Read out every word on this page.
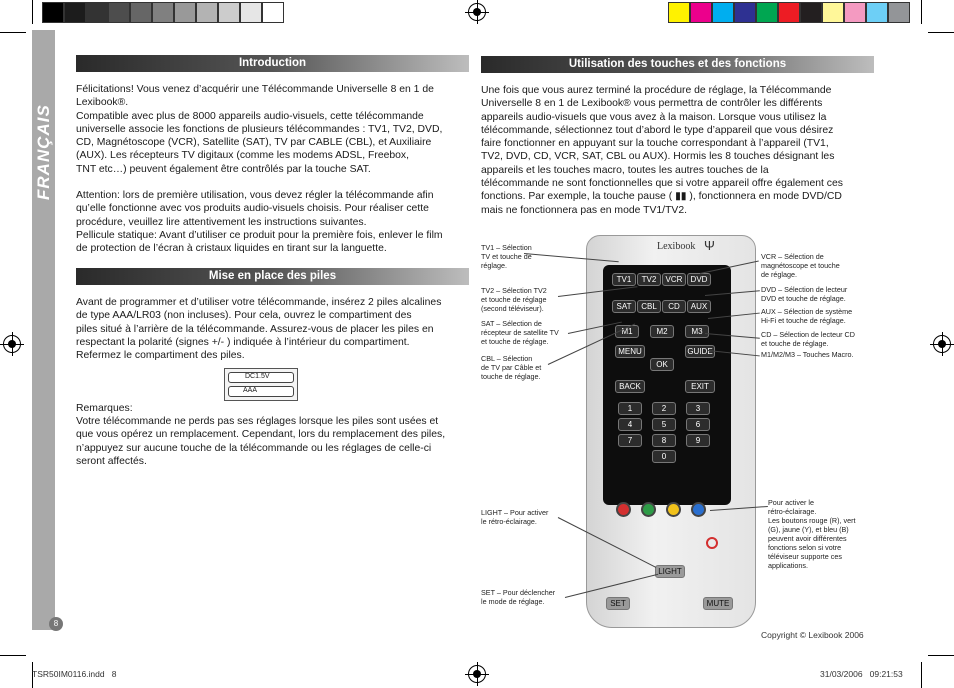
FRANÇAIS
8
Introduction
Félicitations! Vous venez d’acquérir une Télécommande Universelle 8 en 1 de
Lexibook®.
Compatible avec plus de 8000 appareils audio-visuels, cette télécommande
universelle associe les fonctions de plusieurs télécommandes : TV1, TV2, DVD,
CD, Magnétoscope (VCR), Satellite (SAT), TV par CABLE (CBL), et Auxiliaire
(AUX). Les récepteurs TV digitaux (comme les modems ADSL, Freebox,
TNT etc…) peuvent également être contrôlés par la touche SAT.
Attention: lors de première utilisation, vous devez régler la télécommande afin
qu’elle fonctionne avec vos produits audio-visuels choisis. Pour réaliser cette
procédure, veuillez lire attentivement les instructions suivantes.
Pellicule statique: Avant d’utiliser ce produit pour la première fois, enlever le film
de protection de l’écran à cristaux liquides en tirant sur la languette.
Mise en place des piles
Avant de programmer et d’utiliser votre télécommande, insérez 2 piles alcalines
de type AAA/LR03 (non incluses). Pour cela, ouvrez le compartiment des
piles situé à l’arrière de la télécommande. Assurez-vous de placer les piles en
respectant la polarité (signes +/- ) indiquée à l’intérieur du compartiment.
Refermez le compartiment des piles.
DC1.5V
AAA
Remarques:
Votre télécommande ne perds pas ses réglages lorsque les piles sont usées et
que vous opérez un remplacement. Cependant, lors du remplacement des piles,
n’appuyez sur aucune touche de la télécommande ou les réglages de celle-ci
seront affectés.
Utilisation des touches et des fonctions
Une fois que vous aurez terminé la procédure de réglage, la Télécommande
Universelle 8 en 1 de Lexibook® vous permettra de contrôler les différents
appareils audio-visuels que vous avez à la maison. Lorsque vous utilisez la
télécommande, sélectionnez tout d’abord le type d’appareil que vous désirez
faire fonctionner en appuyant sur la touche correspondant à l’appareil (TV1,
TV2, DVD, CD, VCR, SAT, CBL ou AUX). Hormis les 8 touches désignant les
appareils et les touches macro, toutes les autres touches de la
télécommande ne sont fonctionnelles que si votre appareil offre également ces
fonctions. Par exemple, la touche pause ( ▮▮ ), fonctionnera en mode DVD/CD
mais ne fonctionnera pas en mode TV1/TV2.
Lexibook Ψ
TV1	TV2	VCR	DVD
SAT	CBL	CD	AUX
M1	M2	M3
MENU	GUIDE
OK
BACK	EXIT
1	2	3
4	5	6
7	8	9
0
SET	MUTE
LIGHT
TV1 – Sélection
TV et touche de
réglage.
TV2 – Sélection TV2
et touche de réglage
(second téléviseur).
SAT – Sélection de
récepteur de satellite TV
et touche de réglage.
CBL – Sélection
de TV par Câble et
touche de réglage.
LIGHT – Pour activer
le rétro-éclairage.
SET – Pour déclencher
le mode de réglage.
VCR – Sélection de
magnétoscope et touche
de réglage.
DVD – Sélection de lecteur
DVD et touche de réglage.
AUX – Sélection de système
Hi-Fi et touche de réglage.
CD – Sélection de lecteur CD
et touche de réglage.
M1/M2/M3 – Touches Macro.
Pour activer le
rétro-éclairage.
Les boutons rouge (R), vert
(G), jaune (Y), et bleu (B)
peuvent avoir différentes
fonctions selon si votre
téléviseur supporte ces
applications.
Copyright © Lexibook 2006
TSR50IM0116.indd   8	31/03/2006   09:21:53
